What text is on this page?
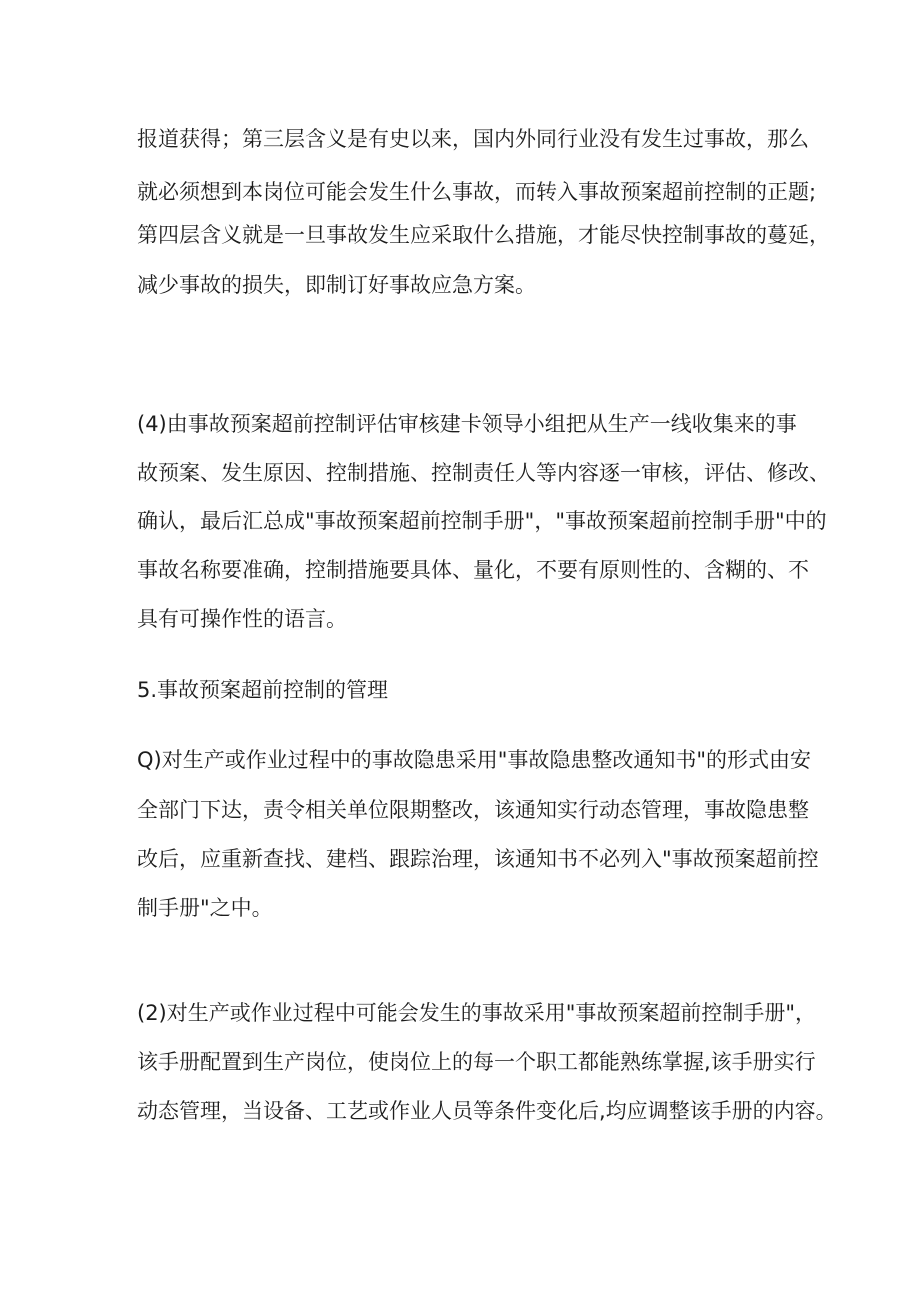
报道获得；第三层含义是有史以来，国内外同行业没有发生过事故，那么
就必须想到本岗位可能会发生什么事故，而转入事故预案超前控制的正题;
第四层含义就是一旦事故发生应采取什么措施，才能尽快控制事故的蔓延，
减少事故的损失，即制订好事故应急方案。
(4)由事故预案超前控制评估审核建卡领导小组把从生产一线收集来的事
故预案、发生原因、控制措施、控制责任人等内容逐一审核，评估、修改、
确认，最后汇总成"事故预案超前控制手册"，"事故预案超前控制手册"中的
事故名称要准确，控制措施要具体、量化，不要有原则性的、含糊的、不
具有可操作性的语言。
5.事故预案超前控制的管理
Q)对生产或作业过程中的事故隐患采用"事故隐患整改通知书"的形式由安
全部门下达，责令相关单位限期整改，该通知实行动态管理，事故隐患整
改后，应重新查找、建档、跟踪治理，该通知书不必列入"事故预案超前控
制手册"之中。
(2)对生产或作业过程中可能会发生的事故采用"事故预案超前控制手册"，
该手册配置到生产岗位，使岗位上的每一个职工都能熟练掌握,该手册实行
动态管理，当设备、工艺或作业人员等条件变化后,均应调整该手册的内容。
